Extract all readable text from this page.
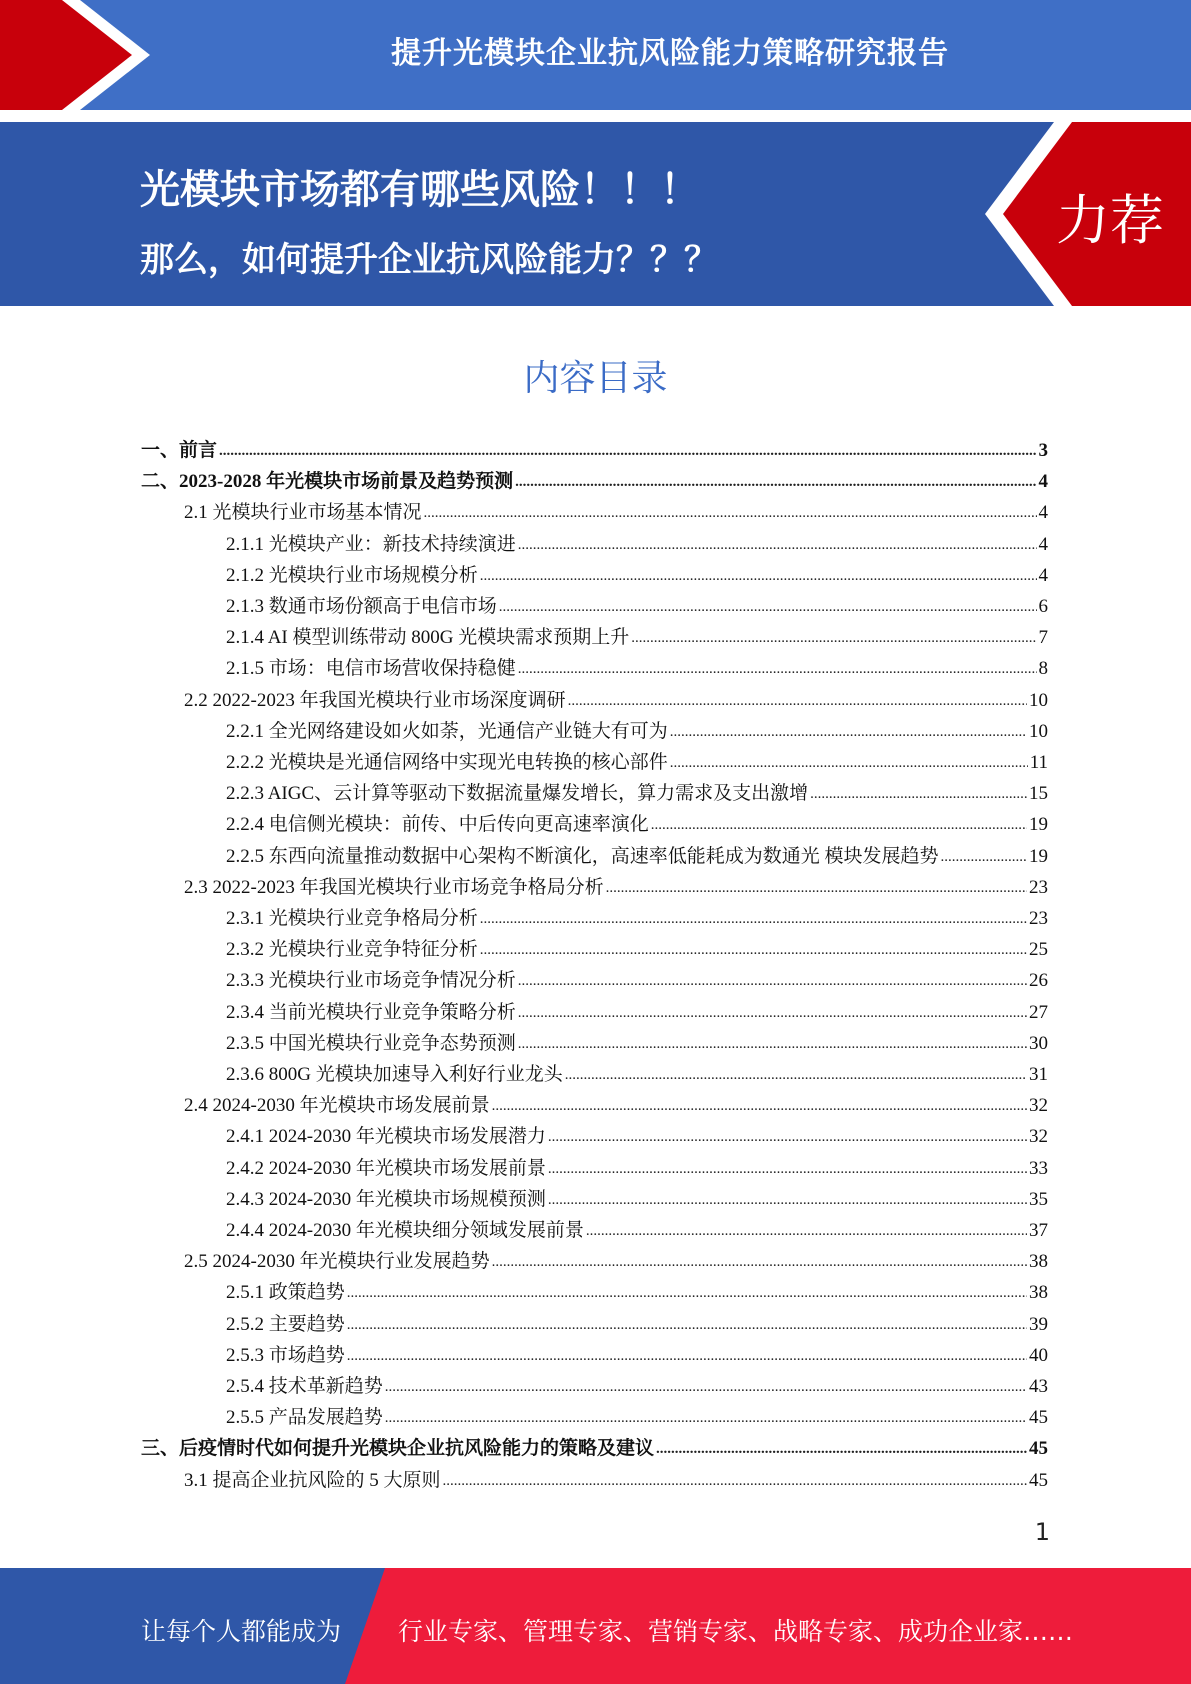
提升光模块企业抗风险能力策略研究报告
光模块市场都有哪些风险！！！
那么，如何提升企业抗风险能力？？？
力荐
内容目录
一、前言 .....	3
二、2023-2028 年光模块市场前景及趋势预测 .....	4
2.1 光模块行业市场基本情况 .....	4
2.1.1 光模块产业：新技术持续演进 .....	4
2.1.2 光模块行业市场规模分析 .....	4
2.1.3 数通市场份额高于电信市场 .....	6
2.1.4 AI 模型训练带动 800G 光模块需求预期上升 .....	7
2.1.5 市场：电信市场营收保持稳健 .....	8
2.2 2022-2023 年我国光模块行业市场深度调研 .....	10
2.2.1 全光网络建设如火如荼，光通信产业链大有可为 .....	10
2.2.2 光模块是光通信网络中实现光电转换的核心部件 .....	11
2.2.3 AIGC、云计算等驱动下数据流量爆发增长，算力需求及支出激增 .....	15
2.2.4 电信侧光模块：前传、中后传向更高速率演化 .....	19
2.2.5 东西向流量推动数据中心架构不断演化，高速率低能耗成为数通光 模块发展趋势 .....	19
2.3 2022-2023 年我国光模块行业市场竞争格局分析 .....	23
2.3.1 光模块行业竞争格局分析 .....	23
2.3.2 光模块行业竞争特征分析 .....	25
2.3.3 光模块行业市场竞争情况分析 .....	26
2.3.4 当前光模块行业竞争策略分析 .....	27
2.3.5 中国光模块行业竞争态势预测 .....	30
2.3.6 800G 光模块加速导入利好行业龙头 .....	31
2.4 2024-2030 年光模块市场发展前景 .....	32
2.4.1 2024-2030 年光模块市场发展潜力 .....	32
2.4.2 2024-2030 年光模块市场发展前景 .....	33
2.4.3 2024-2030 年光模块市场规模预测 .....	35
2.4.4 2024-2030 年光模块细分领域发展前景 .....	37
2.5 2024-2030 年光模块行业发展趋势 .....	38
2.5.1 政策趋势 .....	38
2.5.2 主要趋势 .....	39
2.5.3 市场趋势 .....	40
2.5.4 技术革新趋势 .....	43
2.5.5 产品发展趋势 .....	45
三、后疫情时代如何提升光模块企业抗风险能力的策略及建议 .....	45
3.1 提高企业抗风险的 5 大原则 .....	45
1
让每个人都能成为 行业专家、管理专家、营销专家、战略专家、成功企业家……
